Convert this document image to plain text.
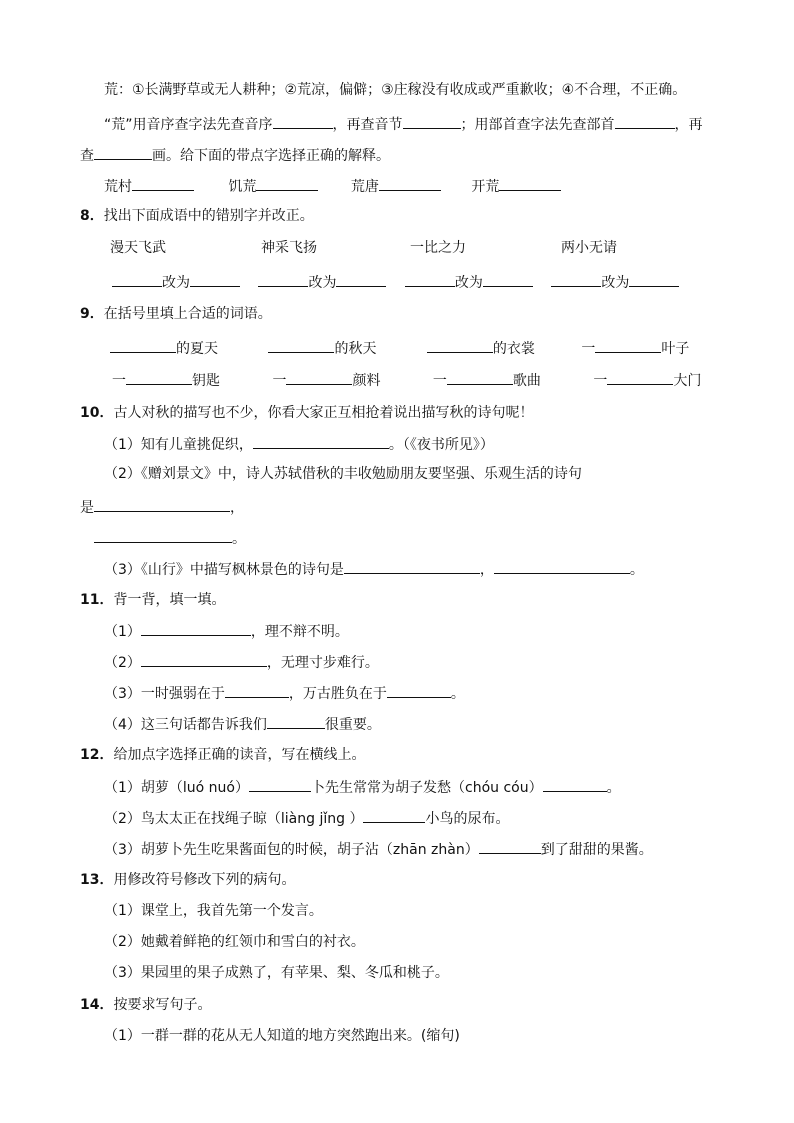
荒：①长满野草或无人耕种；②荒凉，偏僻；③庄稼没有收成或严重歉收；④不合理，不正确。
“荒”用音序查字法先查音序	，再查音节	；用部首查字法先查部首	，再
查	画。给下面的带点字选择正确的解释。
荒村	饥荒	荒唐	开荒
8．找出下面成语中的错别字并改正。
漫天飞武	神采飞扬	一比之力	两小无请
改为	改为	改为	改为
9．在括号里填上合适的词语。
的夏天	的秋天	的衣裳	一	叶子
一	钥匙	一	颜料	一	歌曲	一	大门
10．古人对秋的描写也不少，你看大家正互相抢着说出描写秋的诗句呢！
（1）知有儿童挑促织，	。（《夜书所见》）
（2）《赠刘景文》中，诗人苏轼借秋的丰收勉励朋友要坚强、乐观生活的诗句
是	，
。
（3）《山行》中描写枫林景色的诗句是	，	。
11．背一背，填一填。
（1）	，理不辩不明。
（2）	，无理寸步难行。
（3）一时强弱在于	，万古胜负在于	。
（4）这三句话都告诉我们	很重要。
12．给加点字选择正确的读音，写在横线上。
（1）胡萝（luó nuó）	卜先生常常为胡子发愁（chóu cóu）	。
（2）鸟太太正在找绳子晾（liàng jǐng ）	小鸟的尿布。
（3）胡萝卜先生吃果酱面包的时候，胡子沾（zhān zhàn）	到了甜甜的果酱。
13．用修改符号修改下列的病句。
（1）课堂上，我首先第一个发言。
（2）她戴着鲜艳的红领巾和雪白的衬衣。
（3）果园里的果子成熟了，有苹果、梨、冬瓜和桃子。
14．按要求写句子。
（1）一群一群的花从无人知道的地方突然跑出来。(缩句)
